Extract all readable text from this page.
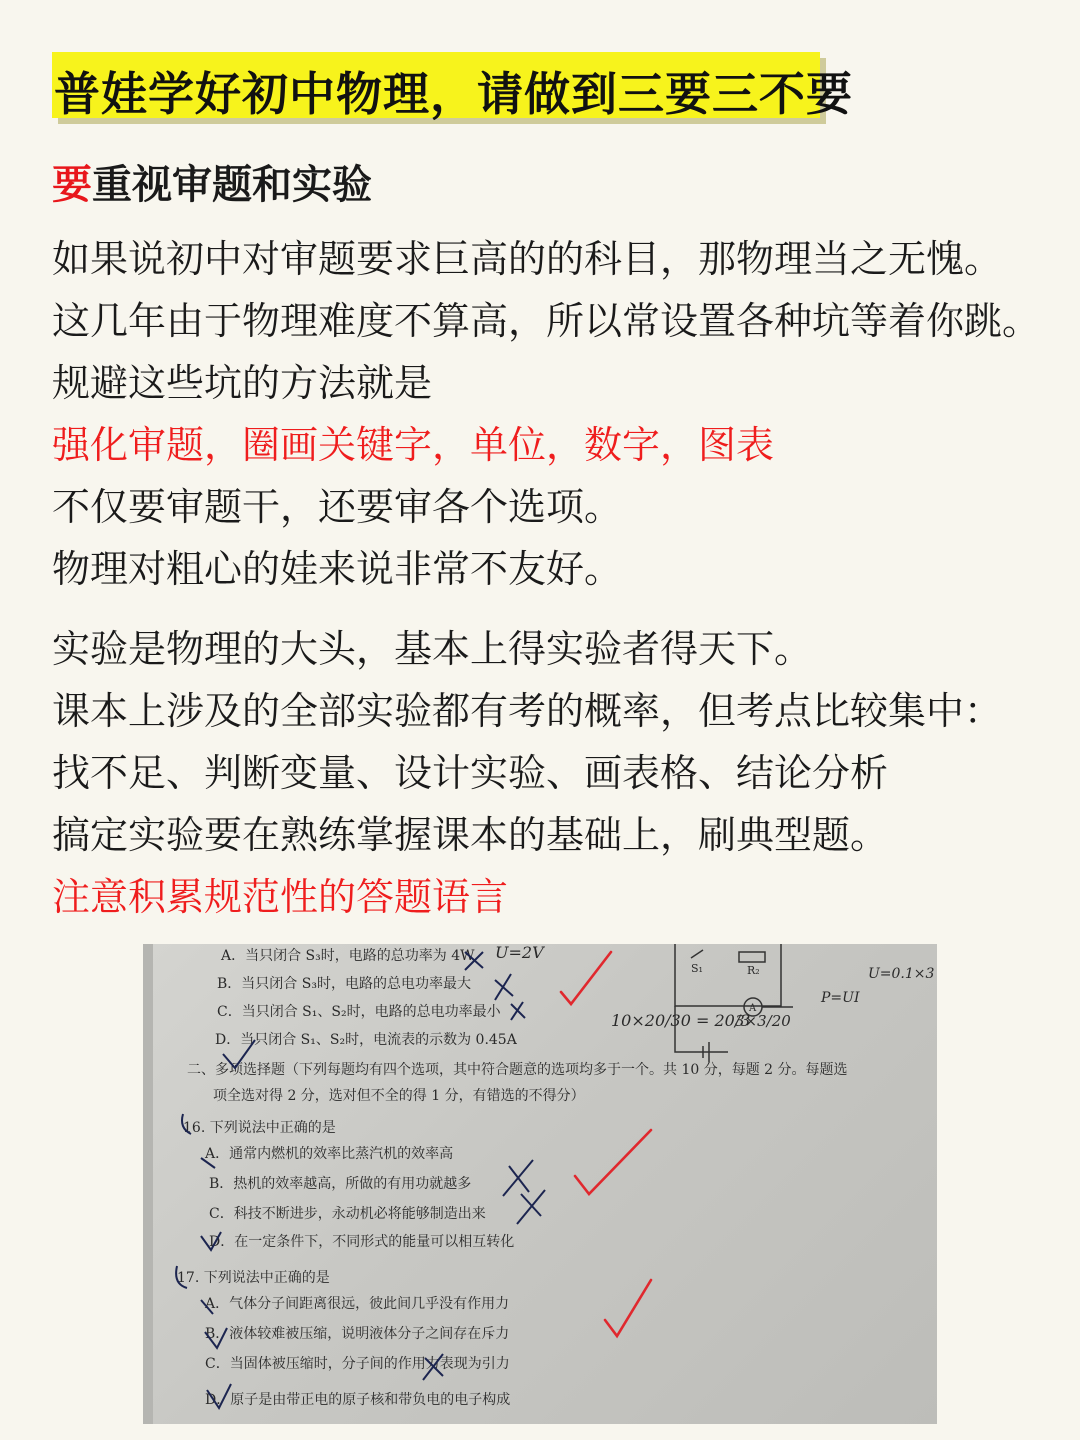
普娃学好初中物理，请做到三要三不要
要重视审题和实验
如果说初中对审题要求巨高的的科目，那物理当之无愧。
这几年由于物理难度不算高，所以常设置各种坑等着你跳。
规避这些坑的方法就是
强化审题，圈画关键字，单位，数字，图表
不仅要审题干，还要审各个选项。
物理对粗心的娃来说非常不友好。
实验是物理的大头，基本上得实验者得天下。
课本上涉及的全部实验都有考的概率，但考点比较集中：
找不足、判断变量、设计实验、画表格、结论分析
搞定实验要在熟练掌握课本的基础上，刷典型题。
注意积累规范性的答题语言
S₁	R₂
A
A．当只闭合 S₃时，电路的总功率为 4W
B．当只闭合 S₃时，电路的总电功率最大
C．当只闭合 S₁、S₂时，电路的总电功率最小
D．当只闭合 S₁、S₂时，电流表的示数为 0.45A
二、多项选择题（下列每题均有四个选项，其中符合题意的选项均多于一个。共 10 分，每题 2 分。每题选
项全选对得 2 分，选对但不全的得 1 分，有错选的不得分）
16. 下列说法中正确的是
A．通常内燃机的效率比蒸汽机的效率高
B．热机的效率越高，所做的有用功就越多
C．科技不断进步，永动机必将能够制造出来
D．在一定条件下，不同形式的能量可以相互转化
17. 下列说法中正确的是
A．气体分子间距离很远，彼此间几乎没有作用力
B．液体较难被压缩，说明液体分子之间存在斥力
C．当固体被压缩时，分子间的作用力表现为引力
D．原子是由带正电的原子核和带负电的电子构成
U=2V
10×20/30 = 20/3
3×3/20
U=0.1×3
P=UI
